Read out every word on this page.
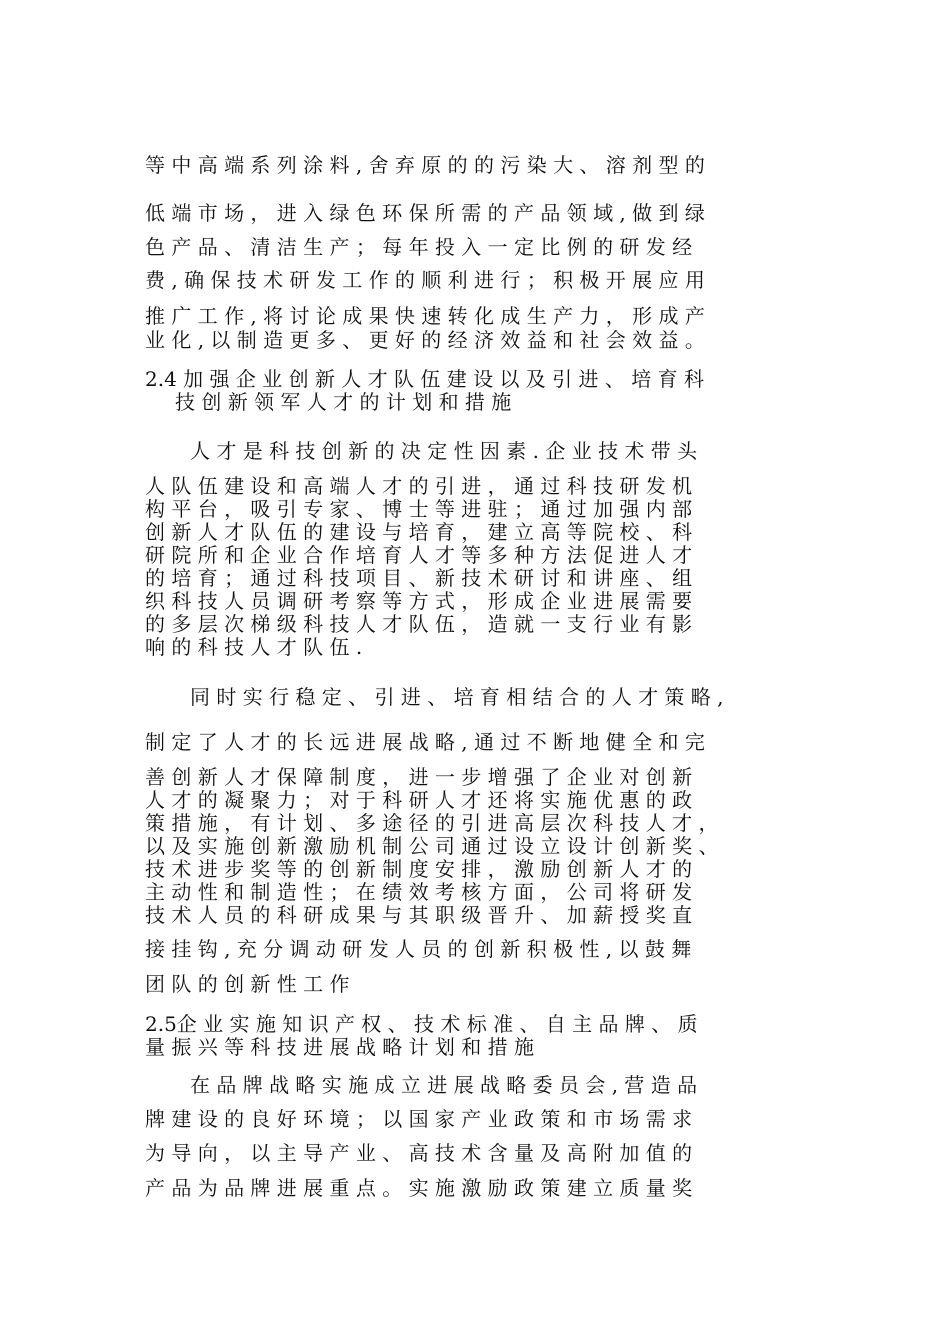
等 中 高 端 系 列 涂 料 , 舍 弃 原 的 的 污 染 大 、 溶 剂 型 的
低 端 市 场 ， 进 入 绿 色 环 保 所 需 的 产 品 领 域 , 做 到 绿
色 产 品 、 清 洁 生 产 ； 每 年 投 入 一 定 比 例 的 研 发 经
费 , 确 保 技 术 研 发 工 作 的 顺 利 进 行 ； 积 极 开 展 应 用
推 广 工 作 , 将 讨 论 成 果 快 速 转 化 成 生 产 力 ， 形 成 产
业 化 , 以 制 造 更 多 、 更 好 的 经 济 效 益 和 社 会 效 益 。
2.4 加 强 企 业 创 新 人 才 队 伍 建 设 以 及 引 进 、 培 育 科
技 创 新 领 军 人 才 的 计 划 和 措 施
人 才 是 科 技 创 新 的 决 定 性 因 素 . 企 业 技 术 带 头
人 队 伍 建 设 和 高 端 人 才 的 引 进 ， 通 过 科 技 研 发 机
构 平 台 ， 吸 引 专 家 、 博 士 等 进 驻 ； 通 过 加 强 内 部
创 新 人 才 队 伍 的 建 设 与 培 育 ， 建 立 高 等 院 校 、 科
研 院 所 和 企 业 合 作 培 育 人 才 等 多 种 方 法 促 进 人 才
的 培 育 ； 通 过 科 技 项 目 、 新 技 术 研 讨 和 讲 座 、 组
织 科 技 人 员 调 研 考 察 等 方 式 ， 形 成 企 业 进 展 需 要
的 多 层 次 梯 级 科 技 人 才 队 伍 ， 造 就 一 支 行 业 有 影
响 的 科 技 人 才 队 伍 .
同 时 实 行 稳 定 、 引 进 、 培 育 相 结 合 的 人 才 策 略 ,
制 定 了 人 才 的 长 远 进 展 战 略 , 通 过 不 断 地 健 全 和 完
善 创 新 人 才 保 障 制 度 ， 进 一 步 增 强 了 企 业 对 创 新
人 才 的 凝 聚 力 ； 对 于 科 研 人 才 还 将 实 施 优 惠 的 政
策 措 施 ， 有 计 划 、 多 途 径 的 引 进 高 层 次 科 技 人 才 ，
以 及 实 施 创 新 激 励 机 制 公 司 通 过 设 立 设 计 创 新 奖 、
技 术 进 步 奖 等 的 创 新 制 度 安 排 ， 激 励 创 新 人 才 的
主 动 性 和 制 造 性 ； 在 绩 效 考 核 方 面 ， 公 司 将 研 发
技 术 人 员 的 科 研 成 果 与 其 职 级 晋 升 、 加 薪 授 奖 直
接 挂 钩 , 充 分 调 动 研 发 人 员 的 创 新 积 极 性 , 以 鼓 舞
团 队 的 创 新 性 工 作
2.5企 业 实 施 知 识 产 权 、 技 术 标 准 、 自 主 品 牌 、 质
量 振 兴 等 科 技 进 展 战 略 计 划 和 措 施
在 品 牌 战 略 实 施 成 立 进 展 战 略 委 员 会 , 营 造 品
牌 建 设 的 良 好 环 境 ； 以 国 家 产 业 政 策 和 市 场 需 求
为 导 向 ， 以 主 导 产 业 、 高 技 术 含 量 及 高 附 加 值 的
产 品 为 品 牌 进 展 重 点 。 实 施 激 励 政 策 建 立 质 量 奖
